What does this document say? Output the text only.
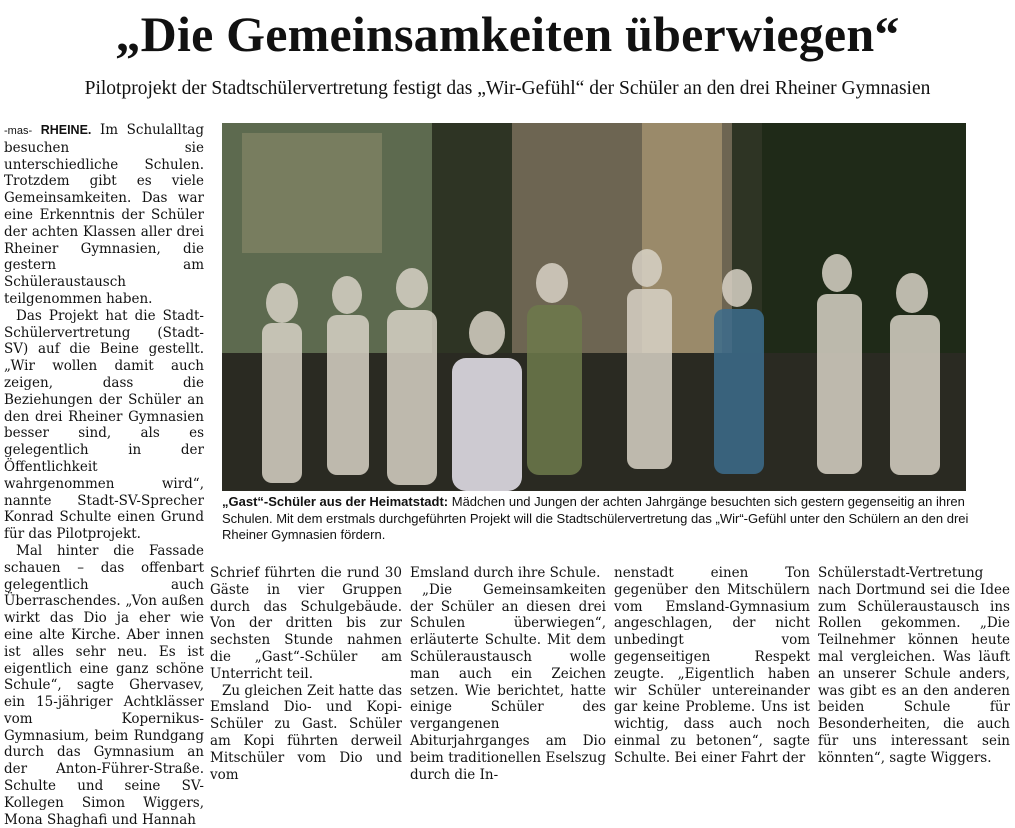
„Die Gemeinsamkeiten überwiegen“
Pilotprojekt der Stadtschülervertretung festigt das „Wir-Gefühl“ der Schüler an den drei Rheiner Gymnasien

-mas- RHEINE. Im Schulalltag besuchen sie unterschiedliche Schulen. Trotzdem gibt es viele Gemeinsamkeiten. Das war eine Erkenntnis der Schüler der achten Klassen aller drei Rheiner Gymnasien, die gestern am Schüleraustausch teilgenommen haben.

Das Projekt hat die Stadt-Schülervertretung (Stadt-SV) auf die Beine gestellt. „Wir wollen damit auch zeigen, dass die Beziehungen der Schüler an den drei Rheiner Gymnasien besser sind, als es gelegentlich in der Öffentlichkeit wahrgenommen wird“, nannte Stadt-SV-Sprecher Konrad Schulte einen Grund für das Pilotprojekt.

Mal hinter die Fassade schauen – das offenbart gelegentlich auch Überraschendes. „Von außen wirkt das Dio ja eher wie eine alte Kirche. Aber innen ist alles sehr neu. Es ist eigentlich eine ganz schöne Schule“, sagte Ghervasev, ein 15-jähriger Achtklässer vom Kopernikus-Gymnasium, beim Rundgang durch das Gymnasium an der Anton-Führer-Straße. Schulte und seine SV-Kollegen Simon Wiggers, Mona Shaghafi und Hannah

„Gast“-Schüler aus der Heimatstadt: Mädchen und Jungen der achten Jahrgänge besuchten sich gestern gegenseitig an ihren Schulen. Mit dem erstmals durchgeführten Projekt will die Stadtschülervertretung das „Wir“-Gefühl unter den Schülern an den drei Rheiner Gymnasien fördern.

Schrief führten die rund 30 Gäste in vier Gruppen durch das Schulgebäude. Von der dritten bis zur sechsten Stunde nahmen die „Gast“-Schüler am Unterricht teil.

Zu gleichen Zeit hatte das Emsland Dio- und Kopi-Schüler zu Gast. Schüler am Kopi führten derweil Mitschüler vom Dio und vom

Emsland durch ihre Schule.

„Die Gemeinsamkeiten der Schüler an diesen drei Schulen überwiegen“, erläuterte Schulte. Mit dem Schüleraustausch wolle man auch ein Zeichen setzen. Wie berichtet, hatte einige Schüler des vergangenen Abiturjahrganges am Dio beim traditionellen Eselszug durch die In-

nenstadt einen Ton gegenüber den Mitschülern vom Emsland-Gymnasium angeschlagen, der nicht unbedingt vom gegenseitigen Respekt zeugte. „Eigentlich haben wir Schüler untereinander gar keine Probleme. Uns ist wichtig, dass auch noch einmal zu betonen“, sagte Schulte. Bei einer Fahrt der

Schülerstadt-Vertretung nach Dortmund sei die Idee zum Schüleraustausch ins Rollen gekommen. „Die Teilnehmer können heute mal vergleichen. Was läuft an unserer Schule anders, was gibt es an den anderen beiden Schule für Besonderheiten, die auch für uns interessant sein könnten“, sagte Wiggers.
